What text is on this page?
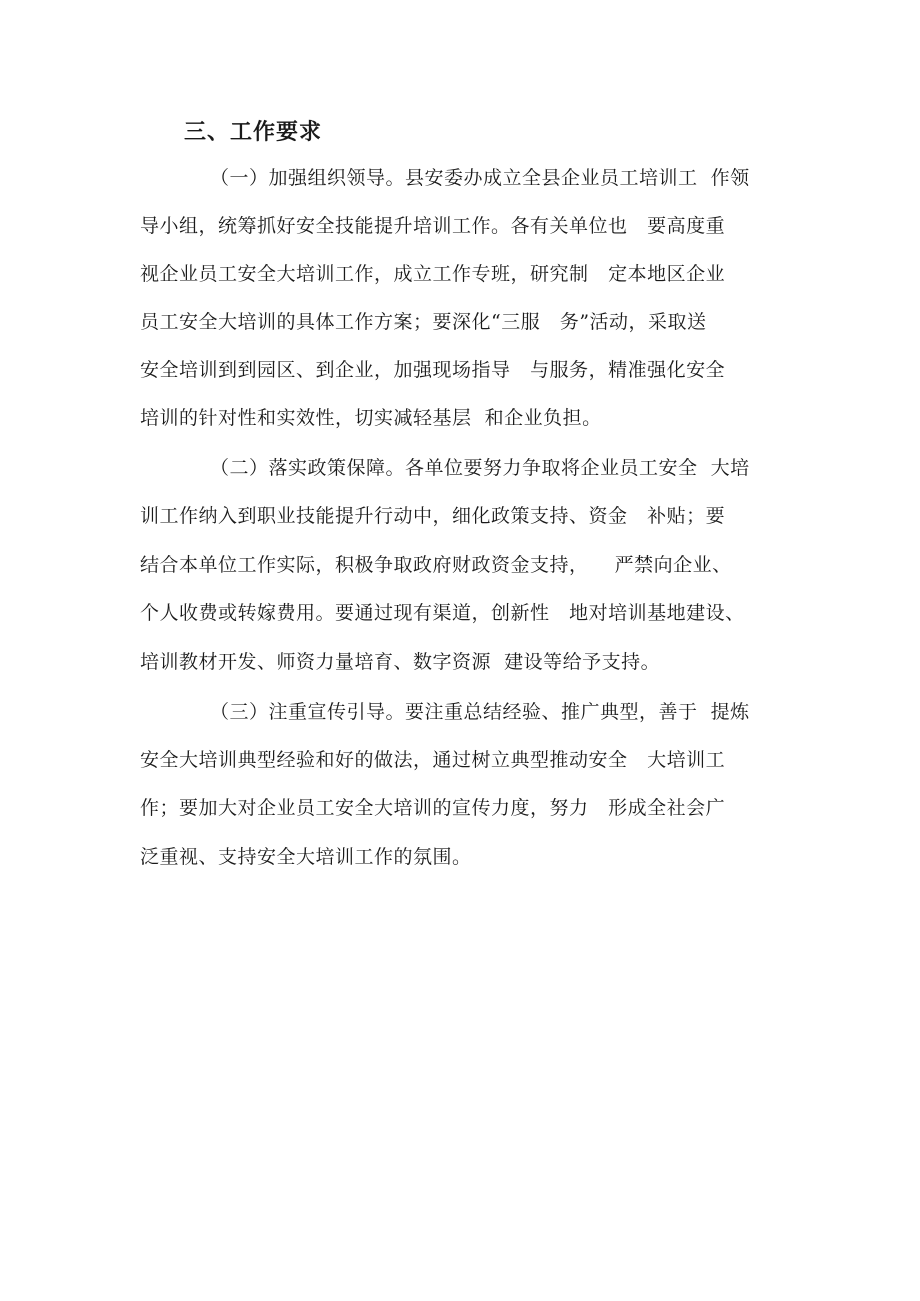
三、工作要求
（一）加强组织领导。县安委办成立全县企业员工培训工  作领
导小组，统筹抓好安全技能提升培训工作。各有关单位也   要高度重
视企业员工安全大培训工作，成立工作专班，研究制   定本地区企业
员工安全大培训的具体工作方案；要深化“三服   务”活动，采取送
安全培训到到园区、到企业，加强现场指导   与服务，精准强化安全
培训的针对性和实效性，切实减轻基层  和企业负担。
（二）落实政策保障。各单位要努力争取将企业员工安全  大培
训工作纳入到职业技能提升行动中，细化政策支持、资金   补贴；要
结合本单位工作实际，积极争取政府财政资金支持，    严禁向企业、
个人收费或转嫁费用。要通过现有渠道，创新性   地对培训基地建设、
培训教材开发、师资力量培育、数字资源  建设等给予支持。
（三）注重宣传引导。要注重总结经验、推广典型，善于  提炼
安全大培训典型经验和好的做法，通过树立典型推动安全   大培训工
作；要加大对企业员工安全大培训的宣传力度，努力   形成全社会广
泛重视、支持安全大培训工作的氛围。
